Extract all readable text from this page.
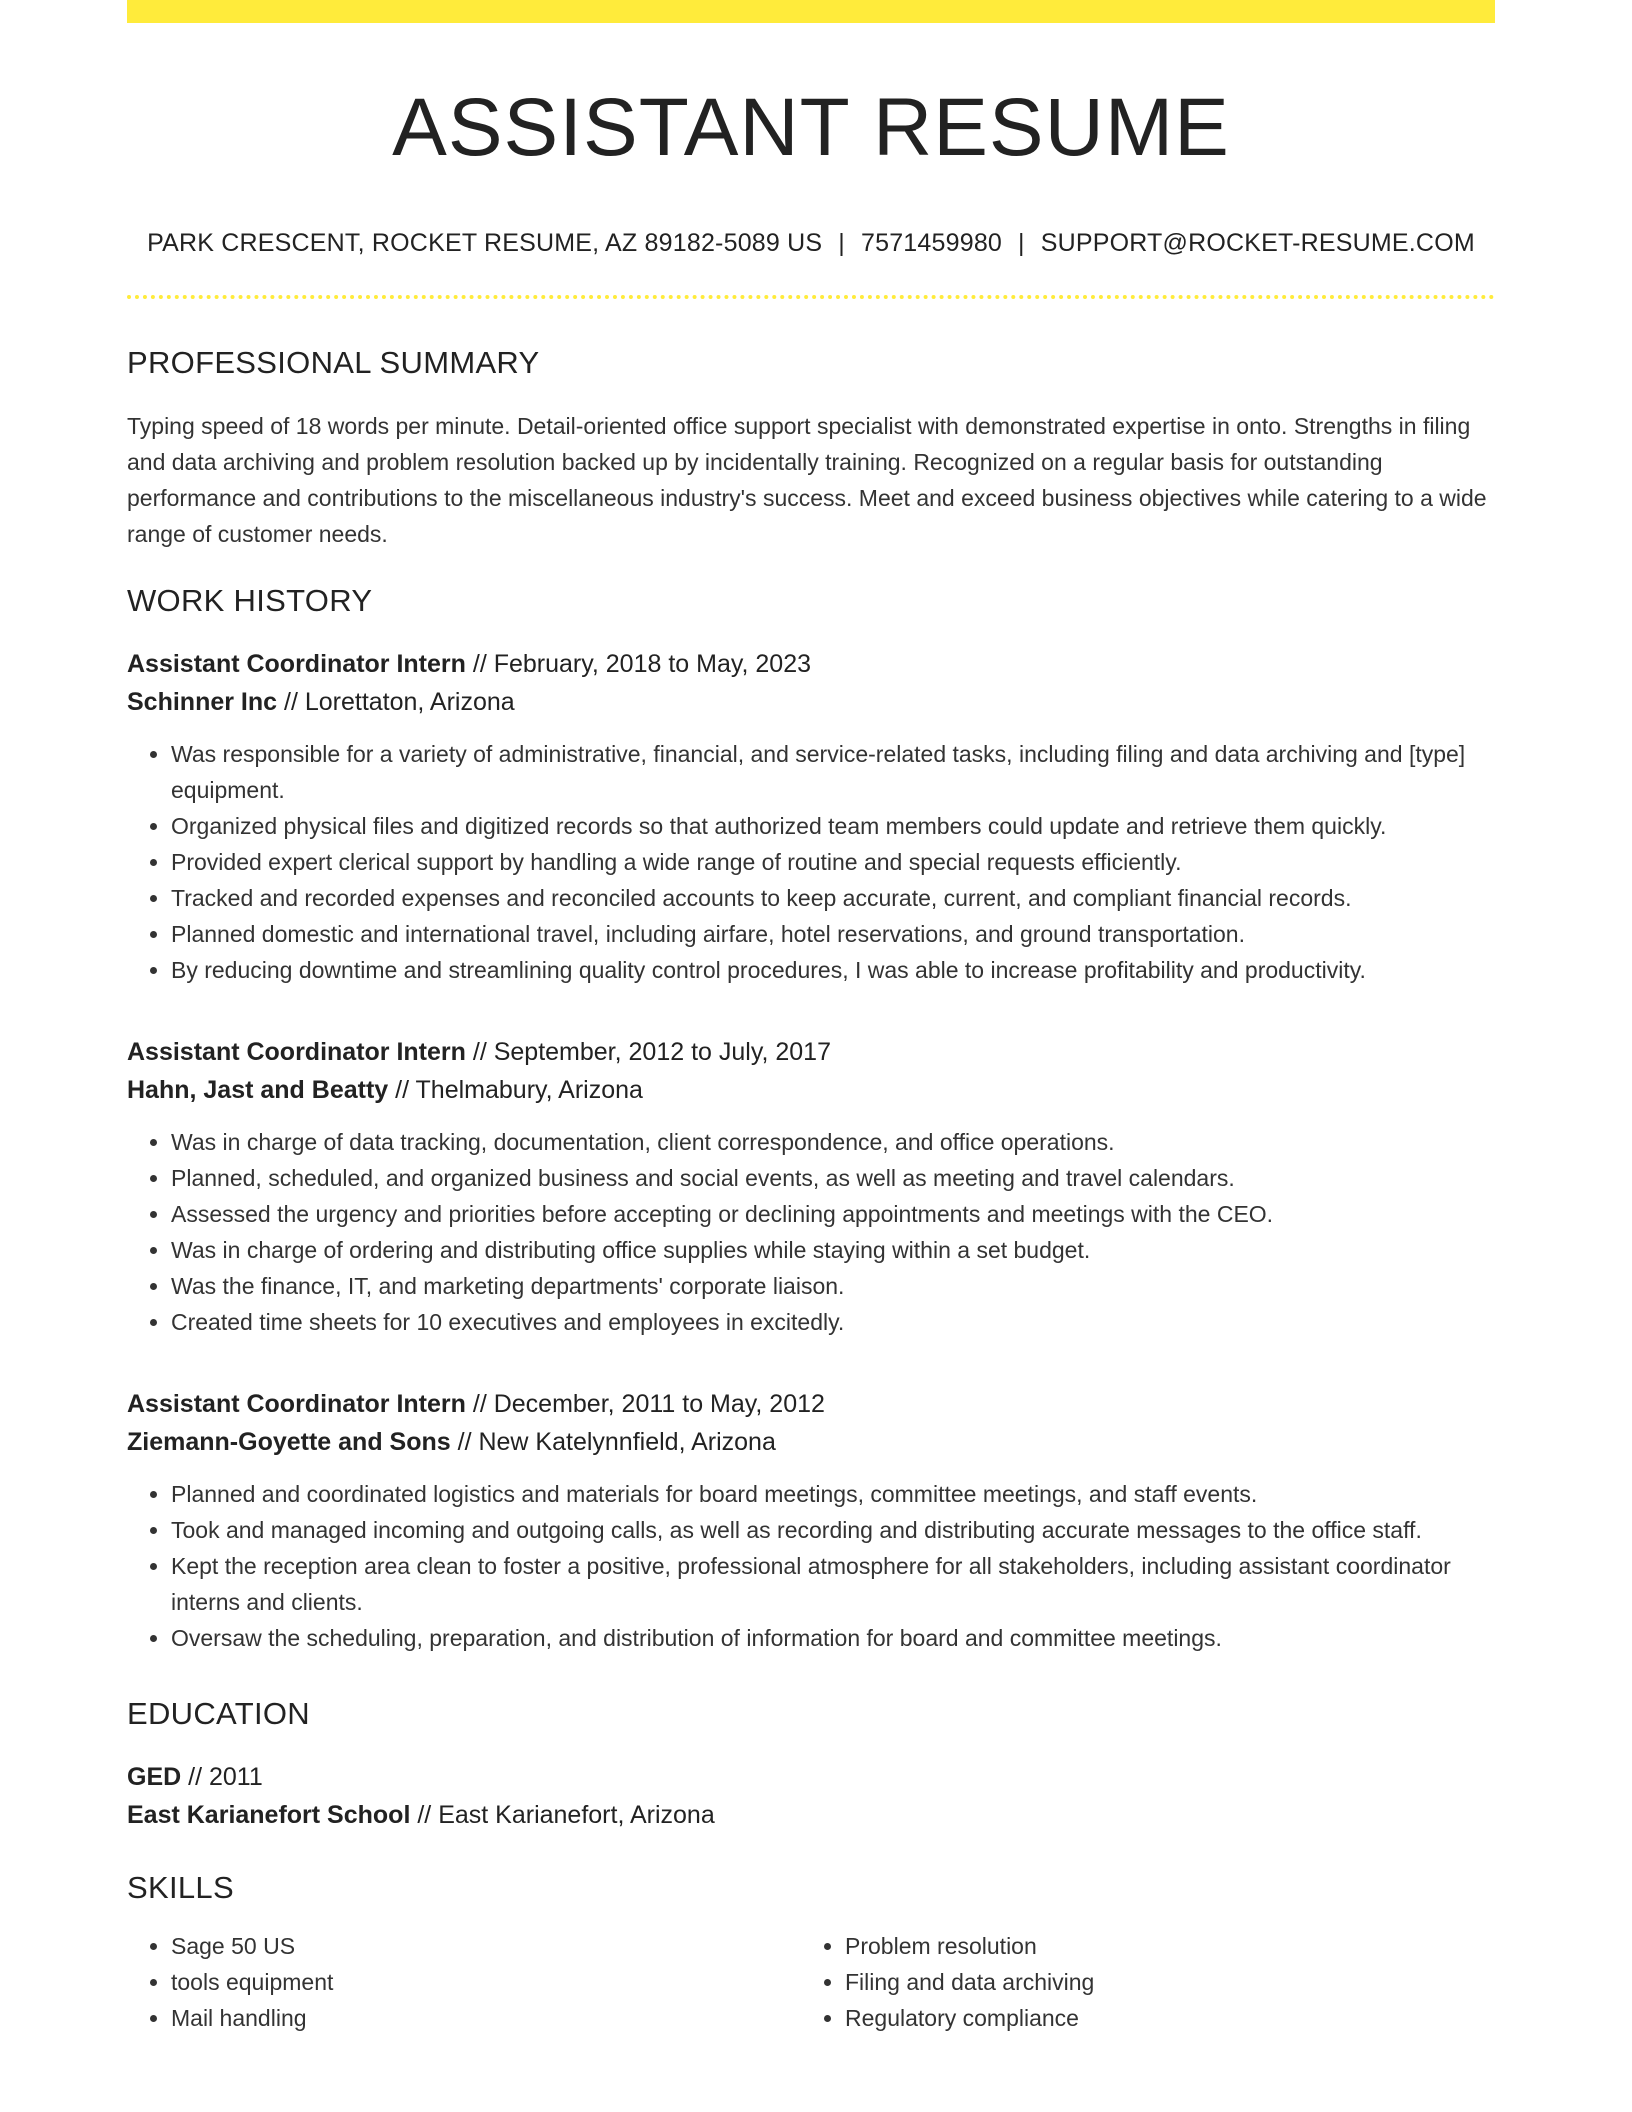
ASSISTANT RESUME
PARK CRESCENT, ROCKET RESUME, AZ 89182-5089 US | 7571459980 | SUPPORT@ROCKET-RESUME.COM
PROFESSIONAL SUMMARY
Typing speed of 18 words per minute. Detail-oriented office support specialist with demonstrated expertise in onto. Strengths in filing and data archiving and problem resolution backed up by incidentally training. Recognized on a regular basis for outstanding performance and contributions to the miscellaneous industry's success. Meet and exceed business objectives while catering to a wide range of customer needs.
WORK HISTORY
Assistant Coordinator Intern // February, 2018 to May, 2023
Schinner Inc // Lorettaton, Arizona
• Was responsible for a variety of administrative, financial, and service-related tasks, including filing and data archiving and [type] equipment.
• Organized physical files and digitized records so that authorized team members could update and retrieve them quickly.
• Provided expert clerical support by handling a wide range of routine and special requests efficiently.
• Tracked and recorded expenses and reconciled accounts to keep accurate, current, and compliant financial records.
• Planned domestic and international travel, including airfare, hotel reservations, and ground transportation.
• By reducing downtime and streamlining quality control procedures, I was able to increase profitability and productivity.
Assistant Coordinator Intern // September, 2012 to July, 2017
Hahn, Jast and Beatty // Thelmabury, Arizona
• Was in charge of data tracking, documentation, client correspondence, and office operations.
• Planned, scheduled, and organized business and social events, as well as meeting and travel calendars.
• Assessed the urgency and priorities before accepting or declining appointments and meetings with the CEO.
• Was in charge of ordering and distributing office supplies while staying within a set budget.
• Was the finance, IT, and marketing departments' corporate liaison.
• Created time sheets for 10 executives and employees in excitedly.
Assistant Coordinator Intern // December, 2011 to May, 2012
Ziemann-Goyette and Sons // New Katelynnfield, Arizona
• Planned and coordinated logistics and materials for board meetings, committee meetings, and staff events.
• Took and managed incoming and outgoing calls, as well as recording and distributing accurate messages to the office staff.
• Kept the reception area clean to foster a positive, professional atmosphere for all stakeholders, including assistant coordinator interns and clients.
• Oversaw the scheduling, preparation, and distribution of information for board and committee meetings.
EDUCATION
GED // 2011
East Karianefort School // East Karianefort, Arizona
SKILLS
• Sage 50 US
• tools equipment
• Mail handling
• Problem resolution
• Filing and data archiving
• Regulatory compliance
